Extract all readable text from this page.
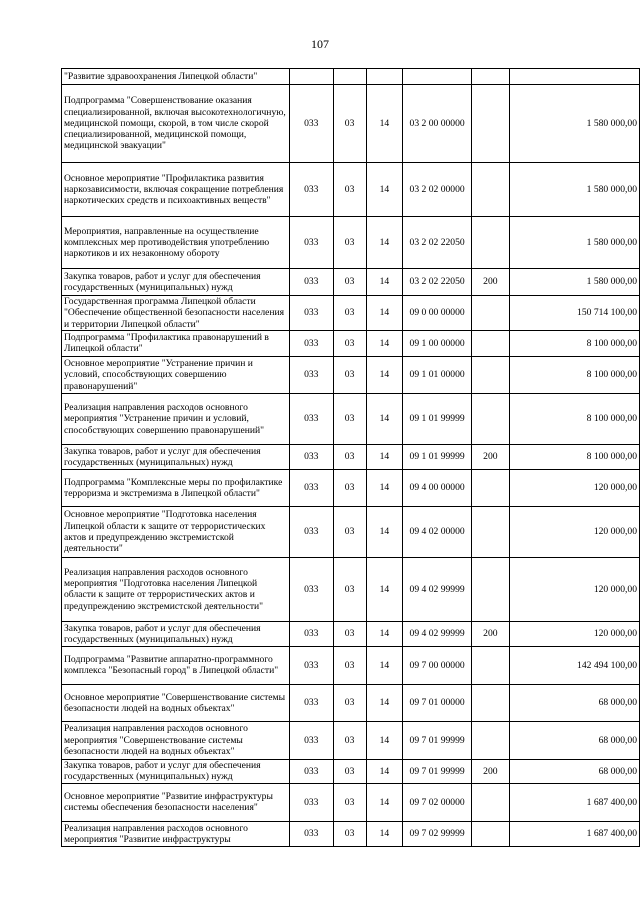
107
"Развитие здравоохранения Липецкой области"						
Подпрограмма "Совершенствование оказания специализированной, включая высокотехнологичную, медицинской помощи, скорой, в том числе скорой специализированной, медицинской помощи, медицинской эвакуации"	033	03	14	03 2 00 00000		1 580 000,00
Основное мероприятие "Профилактика развития наркозависимости, включая сокращение потребления наркотических средств и психоактивных веществ"	033	03	14	03 2 02 00000		1 580 000,00
Мероприятия, направленные на осуществление комплексных мер противодействия употреблению наркотиков и их незаконному обороту	033	03	14	03 2 02 22050		1 580 000,00
Закупка товаров, работ и услуг для обеспечения государственных (муниципальных) нужд	033	03	14	03 2 02 22050	200	1 580 000,00
Государственная программа Липецкой области "Обеспечение общественной безопасности населения и территории Липецкой области"	033	03	14	09 0 00 00000		150 714 100,00
Подпрограмма "Профилактика правонарушений в Липецкой области"	033	03	14	09 1 00 00000		8 100 000,00
Основное мероприятие "Устранение причин и условий, способствующих совершению правонарушений"	033	03	14	09 1 01 00000		8 100 000,00
Реализация направления расходов основного мероприятия "Устранение причин и условий, способствующих совершению правонарушений"	033	03	14	09 1 01 99999		8 100 000,00
Закупка товаров, работ и услуг для обеспечения государственных (муниципальных) нужд	033	03	14	09 1 01 99999	200	8 100 000,00
Подпрограмма "Комплексные меры по профилактике терроризма и экстремизма в Липецкой области"	033	03	14	09 4 00 00000		120 000,00
Основное мероприятие "Подготовка населения Липецкой области к защите от террористических актов и предупреждению экстремистской деятельности"	033	03	14	09 4 02 00000		120 000,00
Реализация направления расходов основного мероприятия "Подготовка населения Липецкой области к защите от террористических актов и предупреждению экстремистской деятельности"	033	03	14	09 4 02 99999		120 000,00
Закупка товаров, работ и услуг для обеспечения государственных (муниципальных) нужд	033	03	14	09 4 02 99999	200	120 000,00
Подпрограмма "Развитие аппаратно-программного комплекса "Безопасный город" в Липецкой области"	033	03	14	09 7 00 00000		142 494 100,00
Основное мероприятие "Совершенствование системы безопасности людей на водных объектах"	033	03	14	09 7 01 00000		68 000,00
Реализация направления расходов основного мероприятия "Совершенствование системы безопасности людей на водных объектах"	033	03	14	09 7 01 99999		68 000,00
Закупка товаров, работ и услуг для обеспечения государственных (муниципальных) нужд	033	03	14	09 7 01 99999	200	68 000,00
Основное мероприятие "Развитие инфраструктуры системы обеспечения безопасности населения"	033	03	14	09 7 02 00000		1 687 400,00
Реализация направления расходов основного мероприятия "Развитие инфраструктуры	033	03	14	09 7 02 99999		1 687 400,00
